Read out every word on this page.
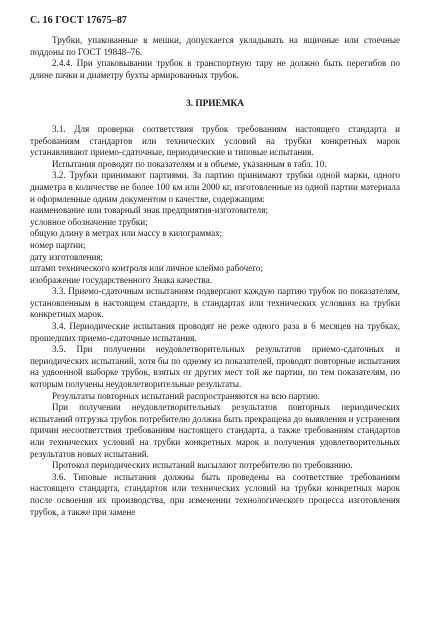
С. 16 ГОСТ 17675–87

Трубки, упакованные в мешки, допускается укладывать на ящичные или стоечные поддоны по ГОСТ 19848–76.

2.4.4. При упаковывании трубок в транспортную тару не должно быть перегибов по длине пачки и диаметру бухты армированных трубок.

3. ПРИЕМКА

3.1. Для проверки соответствия трубок требованиям настоящего стандарта и требованиям стандартов или технических условий на трубки конкретных марок устанавливают приемо-сдаточные, периодические и типовые испытания.

Испытания проводят по показателям и в объеме, указанным в табл. 10.

3.2. Трубки принимают партиями. За партию принимают трубки одной марки, одного диаметра в количестве не более 100 км или 2000 кг, изготовленные из одной партии материала и оформленные одним документом о качестве, содержащим:

наименование или товарный знак предприятия-изготовителя;
условное обозначение трубки;
общую длину в метрах или массу в килограммах;
номер партии;
дату изготовления;
штамп технического контроля или личное клеймо рабочего;
изображение государственного Знака качества.

3.3. Приемо-сдаточным испытаниям подвергают каждую партию трубок по показателям, установленным в настоящем стандарте, в стандартах или технических условиях на трубки конкретных марок.

3.4. Периодические испытания проводят не реже одного раза в 6 месяцев на трубках, прошедших приемо-сдаточные испытания.

3.5. При получении неудовлетворительных результатов приемо-сдаточных и периодических испытаний, хотя бы по одному из показателей, проводят повторные испытания на удвоенной выборке трубок, взятых от других мест той же партии, по тем показателям, по которым получены неудовлетворительные результаты.

Результаты повторных испытаний распространяются на всю партию.

При получении неудовлетворительных результатов повторных периодических испытаний отгрузка трубок потребителю должна быть прекращена до выявления и устранения причин несоответствия требованиям настоящего стандарта, а также требованиям стандартов или технических условий на трубки конкретных марок и получения удовлетворительных результатов новых испытаний.

Протокол периодических испытаний высылают потребителю по требованию.

3.6. Типовые испытания должны быть проведены на соответствие требованиям настоящего стандарта, стандартов или технических условий на трубки конкретных марок после освоения их производства, при изменении технологического процесса изготовления трубок, а также при замене
